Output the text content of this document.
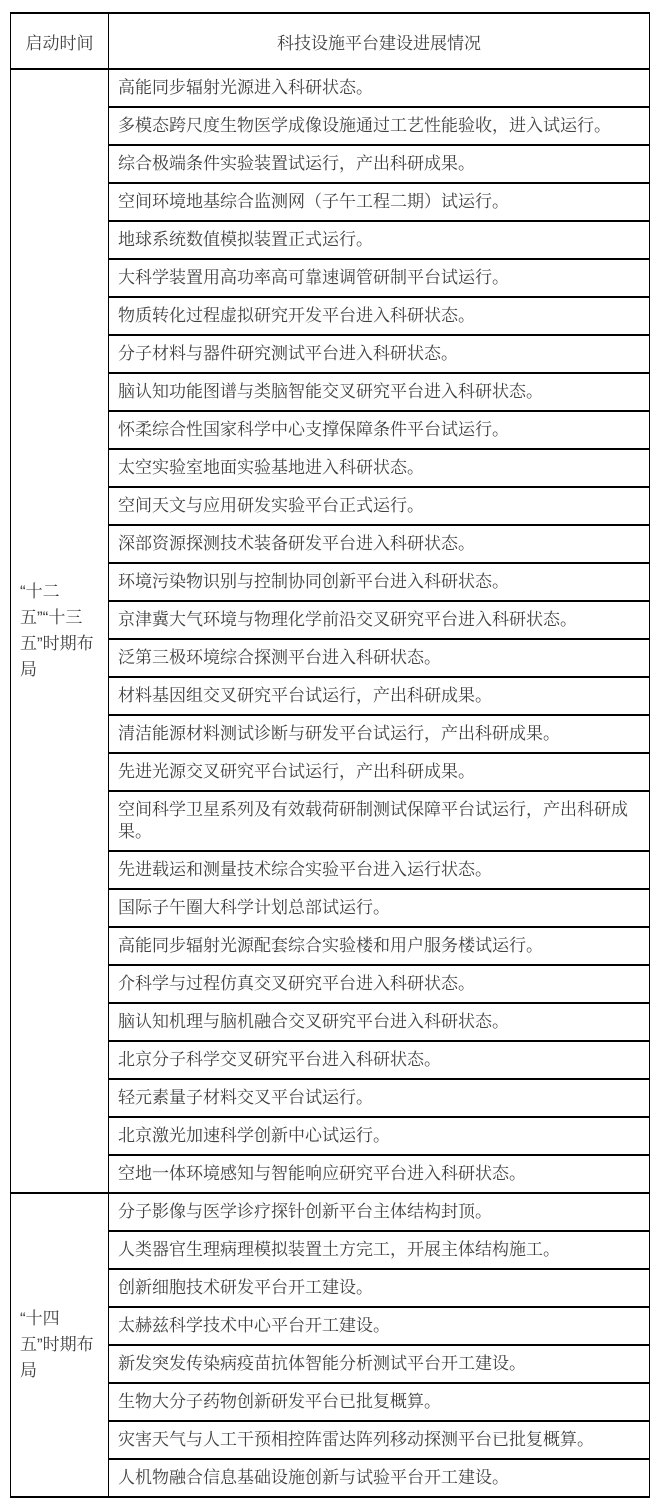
启动时间	科技设施平台建设进展情况
“十二五”“十三五”时期布局	高能同步辐射光源进入科研状态。
	多模态跨尺度生物医学成像设施通过工艺性能验收，进入试运行。
	综合极端条件实验装置试运行，产出科研成果。
	空间环境地基综合监测网（子午工程二期）试运行。
	地球系统数值模拟装置正式运行。
	大科学装置用高功率高可靠速调管研制平台试运行。
	物质转化过程虚拟研究开发平台进入科研状态。
	分子材料与器件研究测试平台进入科研状态。
	脑认知功能图谱与类脑智能交叉研究平台进入科研状态。
	怀柔综合性国家科学中心支撑保障条件平台试运行。
	太空实验室地面实验基地进入科研状态。
	空间天文与应用研发实验平台正式运行。
	深部资源探测技术装备研发平台进入科研状态。
	环境污染物识别与控制协同创新平台进入科研状态。
	京津冀大气环境与物理化学前沿交叉研究平台进入科研状态。
	泛第三极环境综合探测平台进入科研状态。
	材料基因组交叉研究平台试运行，产出科研成果。
	清洁能源材料测试诊断与研发平台试运行，产出科研成果。
	先进光源交叉研究平台试运行，产出科研成果。
	空间科学卫星系列及有效载荷研制测试保障平台试运行，产出科研成果。
	先进载运和测量技术综合实验平台进入运行状态。
	国际子午圈大科学计划总部试运行。
	高能同步辐射光源配套综合实验楼和用户服务楼试运行。
	介科学与过程仿真交叉研究平台进入科研状态。
	脑认知机理与脑机融合交叉研究平台进入科研状态。
	北京分子科学交叉研究平台进入科研状态。
	轻元素量子材料交叉平台试运行。
	北京激光加速科学创新中心试运行。
	空地一体环境感知与智能响应研究平台进入科研状态。
“十四五”时期布局	分子影像与医学诊疗探针创新平台主体结构封顶。
	人类器官生理病理模拟装置土方完工，开展主体结构施工。
	创新细胞技术研发平台开工建设。
	太赫兹科学技术中心平台开工建设。
	新发突发传染病疫苗抗体智能分析测试平台开工建设。
	生物大分子药物创新研发平台已批复概算。
	灾害天气与人工干预相控阵雷达阵列移动探测平台已批复概算。
	人机物融合信息基础设施创新与试验平台开工建设。
